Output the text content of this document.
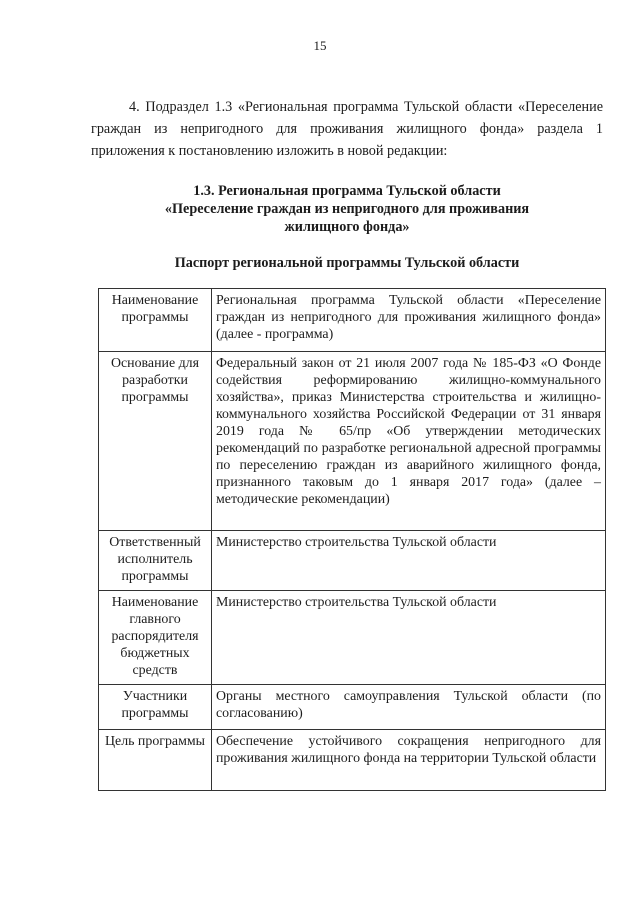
15

4. Подраздел 1.3 «Региональная программа Тульской области «Переселение граждан из непригодного для проживания жилищного фонда» раздела 1 приложения к постановлению изложить в новой редакции:

1.3. Региональная программа Тульской области
«Переселение граждан из непригодного для проживания
жилищного фонда»
Паспорт региональной программы Тульской области
Наименование программы	Региональная программа Тульской области «Переселение граждан из непригодного для проживания жилищного фонда» (далее - программа)
Основание для разработки программы	Федеральный закон от 21 июля 2007 года № 185-ФЗ «О Фонде содействия реформированию жилищно-коммунального хозяйства», приказ Министерства строительства и жилищно-коммунального хозяйства Российской Федерации от 31 января 2019 года № 65/пр «Об утверждении методических рекомендаций по разработке региональной адресной программы по переселению граждан из аварийного жилищного фонда, признанного таковым до 1 января 2017 года» (далее – методические рекомендации)
Ответственный исполнитель программы	Министерство строительства Тульской области
Наименование главного распорядителя бюджетных средств	Министерство строительства Тульской области
Участники программы	Органы местного самоуправления Тульской области (по согласованию)
Цель программы	Обеспечение устойчивого сокращения непригодного для проживания жилищного фонда на территории Тульской области
